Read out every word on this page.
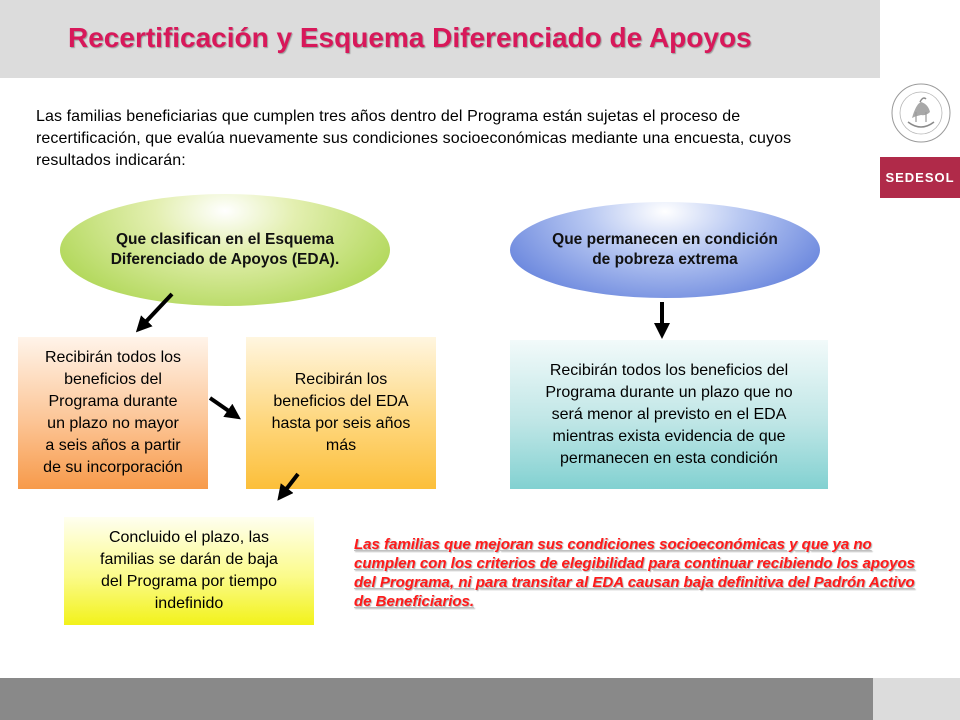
Recertificación y Esquema Diferenciado de Apoyos
SEDESOL
Las familias beneficiarias que cumplen tres años dentro del Programa están sujetas el proceso de recertificación, que evalúa nuevamente sus condiciones socioeconómicas mediante una encuesta, cuyos resultados indicarán:
Que clasifican en el Esquema
Diferenciado de Apoyos (EDA).
Que permanecen en condición
de pobreza extrema
Recibirán todos los
beneficios del
Programa durante
un plazo no mayor
a seis años a partir
de su incorporación
Recibirán los
beneficios del EDA
hasta por seis años
más
Recibirán todos los beneficios del
Programa durante un plazo que no
será menor al previsto en el EDA
mientras exista evidencia de que
permanecen en esta condición
Concluido el plazo, las
familias se darán de baja
del Programa por tiempo
indefinido
Las familias que mejoran sus condiciones socioeconómicas y que ya no cumplen con los criterios de elegibilidad para continuar recibiendo los apoyos del Programa, ni para transitar al EDA causan baja definitiva del Padrón Activo de Beneficiarios.
